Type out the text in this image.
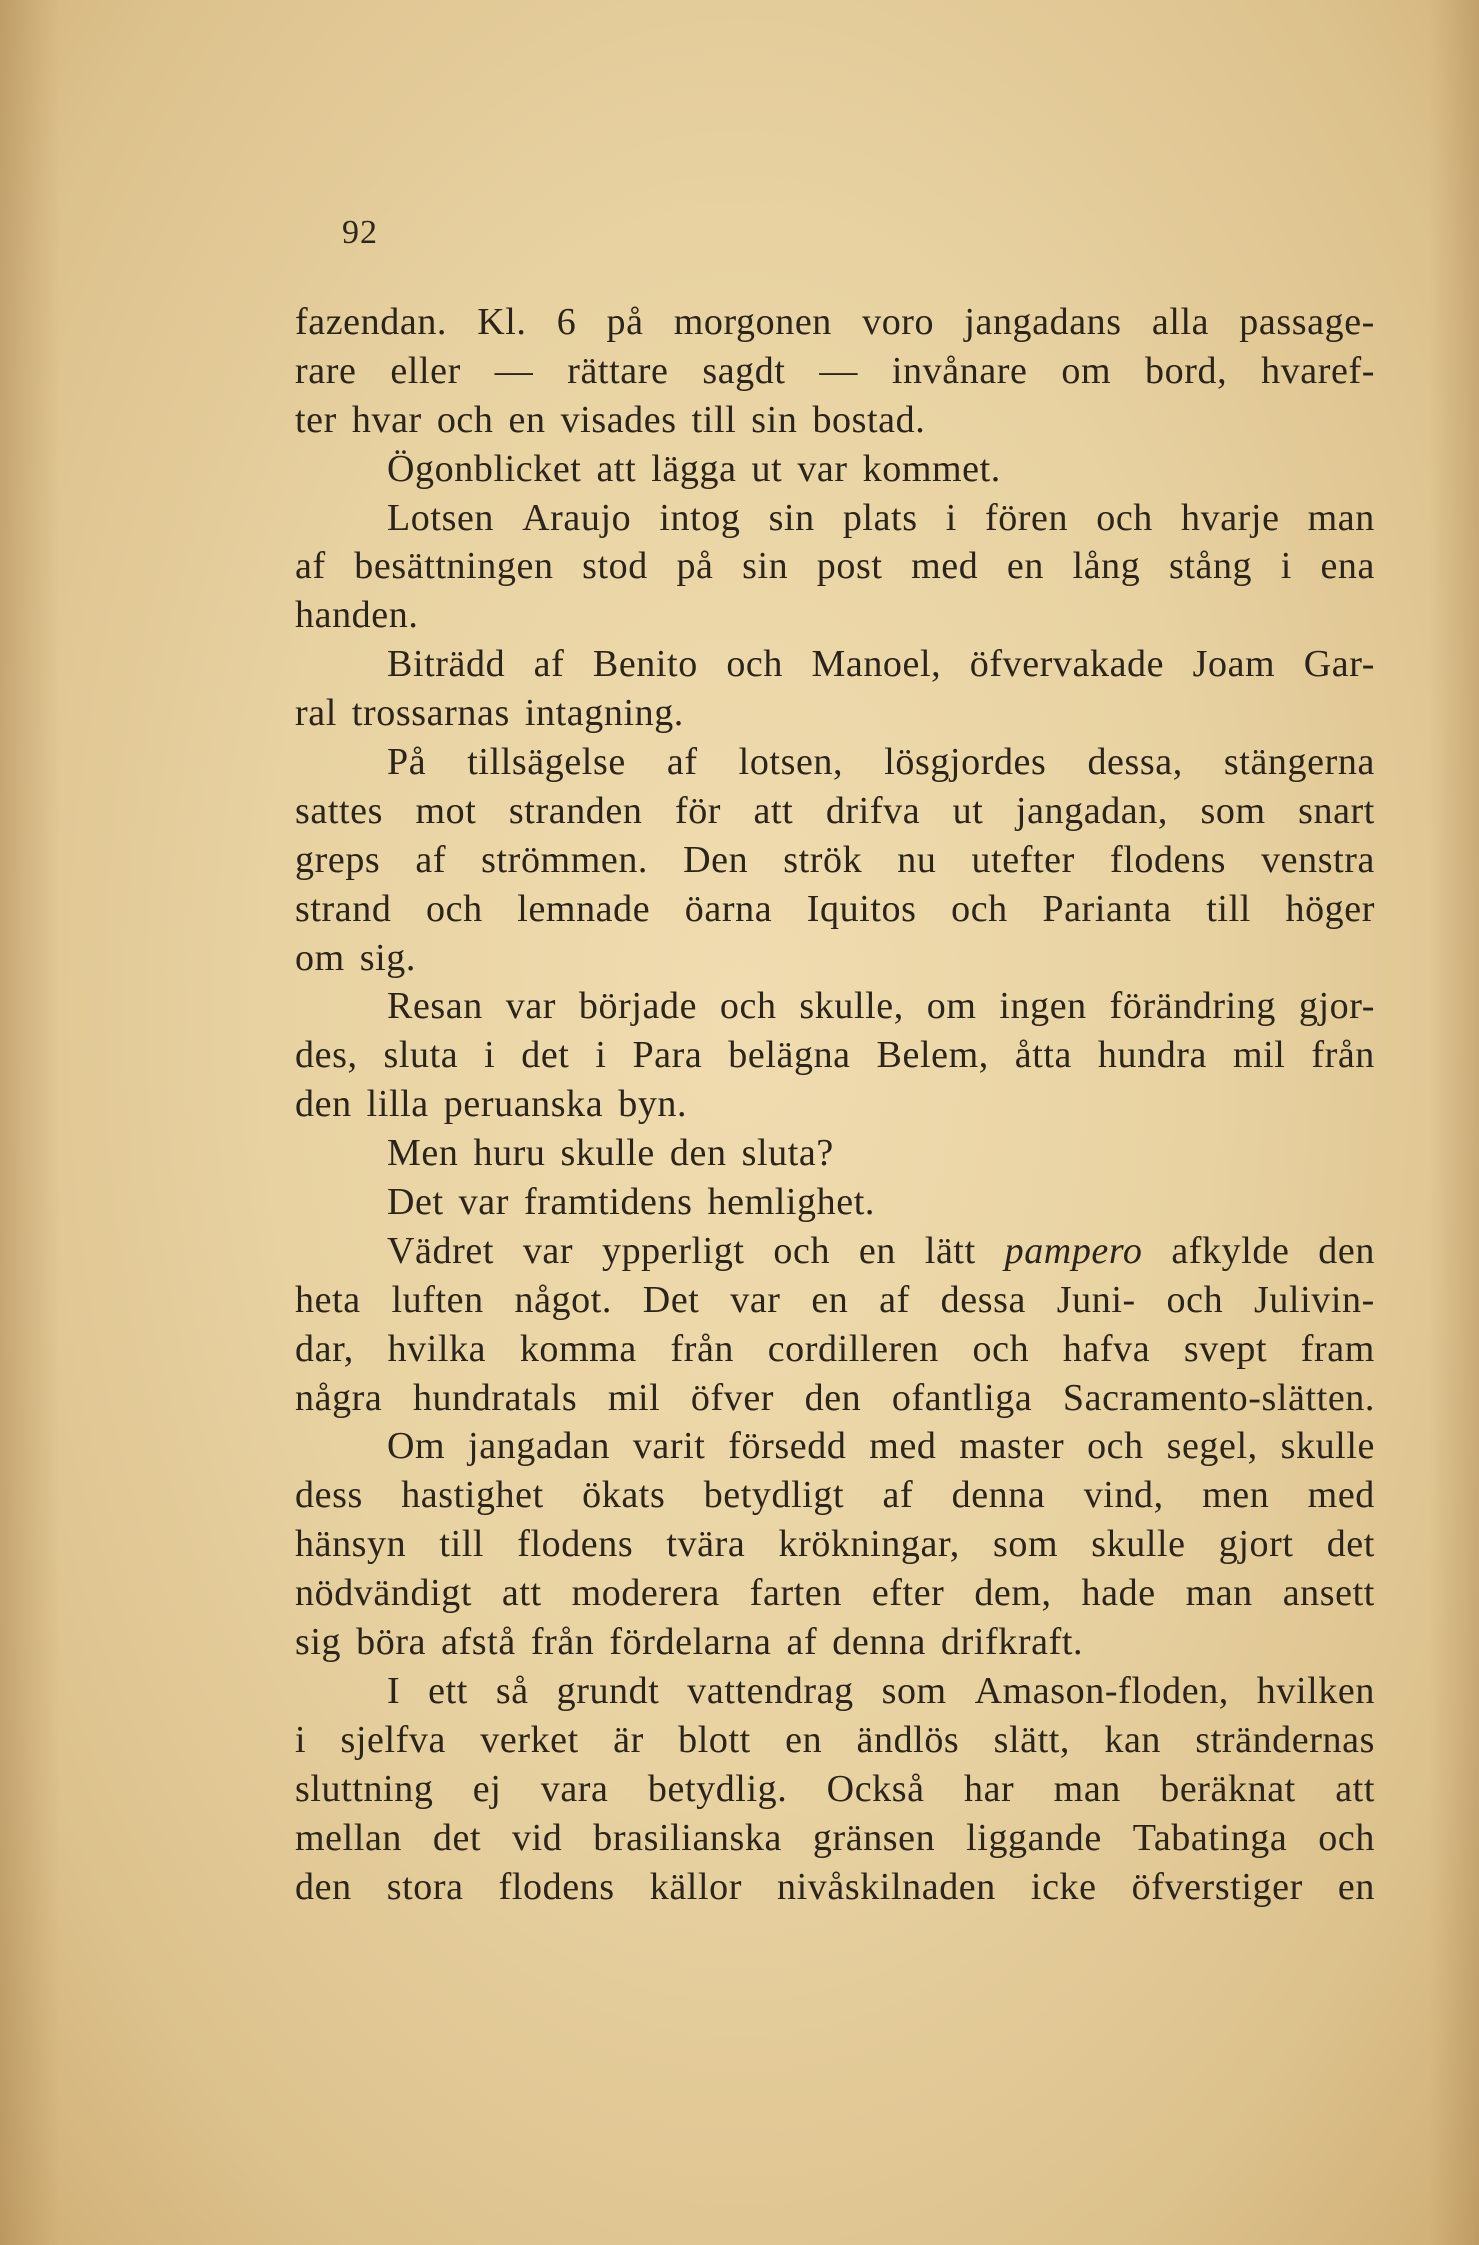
92
fazendan. Kl. 6 på morgonen voro jangadans alla passage-
rare eller — rättare sagdt — invånare om bord, hvaref-
ter hvar och en visades till sin bostad.
Ögonblicket att lägga ut var kommet.
Lotsen Araujo intog sin plats i fören och hvarje man
af besättningen stod på sin post med en lång stång i ena
handen.
Biträdd af Benito och Manoel, öfvervakade Joam Gar-
ral trossarnas intagning.
På tillsägelse af lotsen, lösgjordes dessa, stängerna
sattes mot stranden för att drifva ut jangadan, som snart
greps af strömmen. Den strök nu utefter flodens venstra
strand och lemnade öarna Iquitos och Parianta till höger
om sig.
Resan var började och skulle, om ingen förändring gjor-
des, sluta i det i Para belägna Belem, åtta hundra mil från
den lilla peruanska byn.
Men huru skulle den sluta?
Det var framtidens hemlighet.
Vädret var ypperligt och en lätt pampero afkylde den
heta luften något. Det var en af dessa Juni- och Julivin-
dar, hvilka komma från cordilleren och hafva svept fram
några hundratals mil öfver den ofantliga Sacramento-slätten.
Om jangadan varit försedd med master och segel, skulle
dess hastighet ökats betydligt af denna vind, men med
hänsyn till flodens tvära krökningar, som skulle gjort det
nödvändigt att moderera farten efter dem, hade man ansett
sig böra afstå från fördelarna af denna drifkraft.
I ett så grundt vattendrag som Amason-floden, hvilken
i sjelfva verket är blott en ändlös slätt, kan strändernas
sluttning ej vara betydlig. Också har man beräknat att
mellan det vid brasilianska gränsen liggande Tabatinga och
den stora flodens källor nivåskilnaden icke öfverstiger en
